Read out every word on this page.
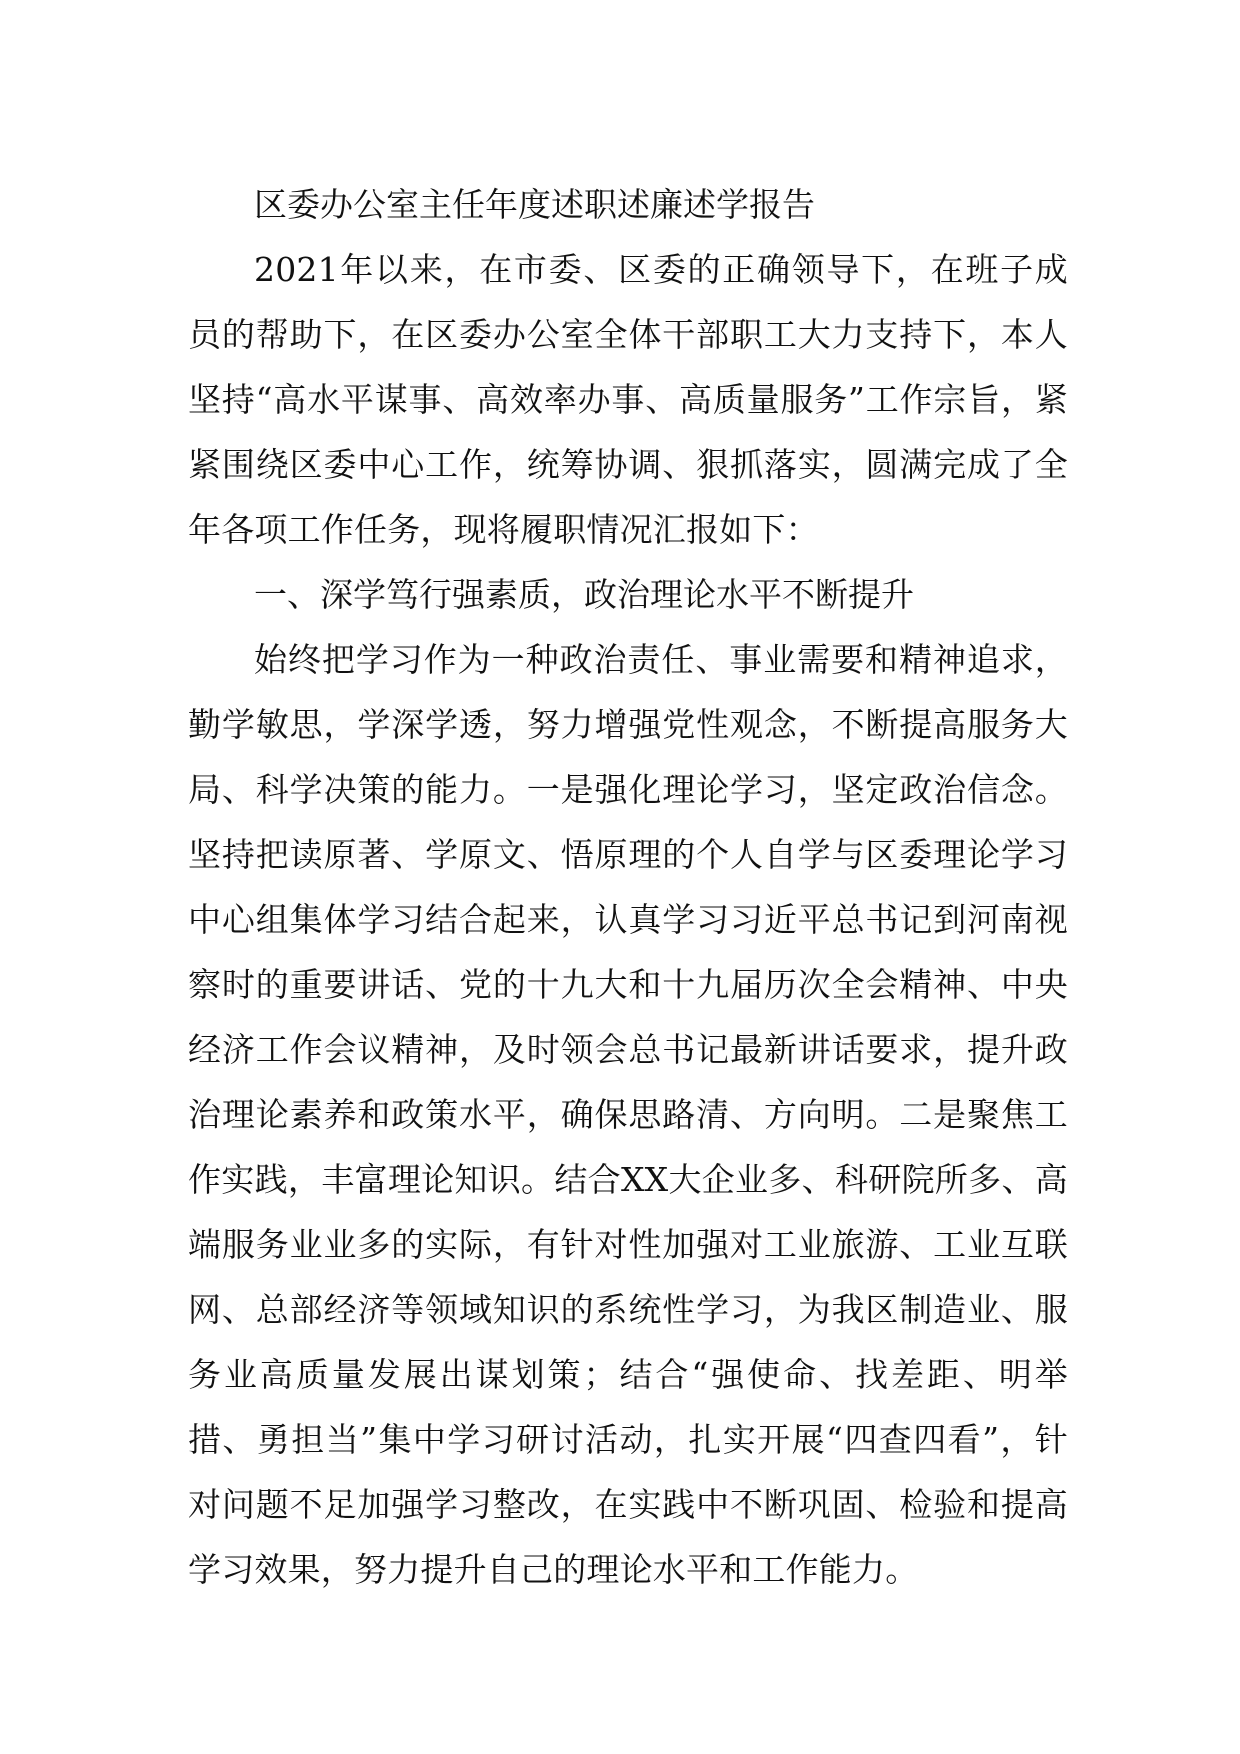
区委办公室主任年度述职述廉述学报告

2021年以来，在市委、区委的正确领导下，在班子成员的帮助下，在区委办公室全体干部职工大力支持下，本人坚持“高水平谋事、高效率办事、高质量服务”工作宗旨，紧紧围绕区委中心工作，统筹协调、狠抓落实，圆满完成了全年各项工作任务，现将履职情况汇报如下：

一、深学笃行强素质，政治理论水平不断提升

始终把学习作为一种政治责任、事业需要和精神追求，勤学敏思，学深学透，努力增强党性观念，不断提高服务大局、科学决策的能力。一是强化理论学习，坚定政治信念。坚持把读原著、学原文、悟原理的个人自学与区委理论学习中心组集体学习结合起来，认真学习习近平总书记到河南视察时的重要讲话、党的十九大和十九届历次全会精神、中央经济工作会议精神，及时领会总书记最新讲话要求，提升政治理论素养和政策水平，确保思路清、方向明。二是聚焦工作实践，丰富理论知识。结合XX大企业多、科研院所多、高端服务业业多的实际，有针对性加强对工业旅游、工业互联网、总部经济等领域知识的系统性学习，为我区制造业、服务业高质量发展出谋划策；结合“强使命、找差距、明举措、勇担当”集中学习研讨活动，扎实开展“四查四看”，针对问题不足加强学习整改，在实践中不断巩固、检验和提高学习效果，努力提升自己的理论水平和工作能力。
